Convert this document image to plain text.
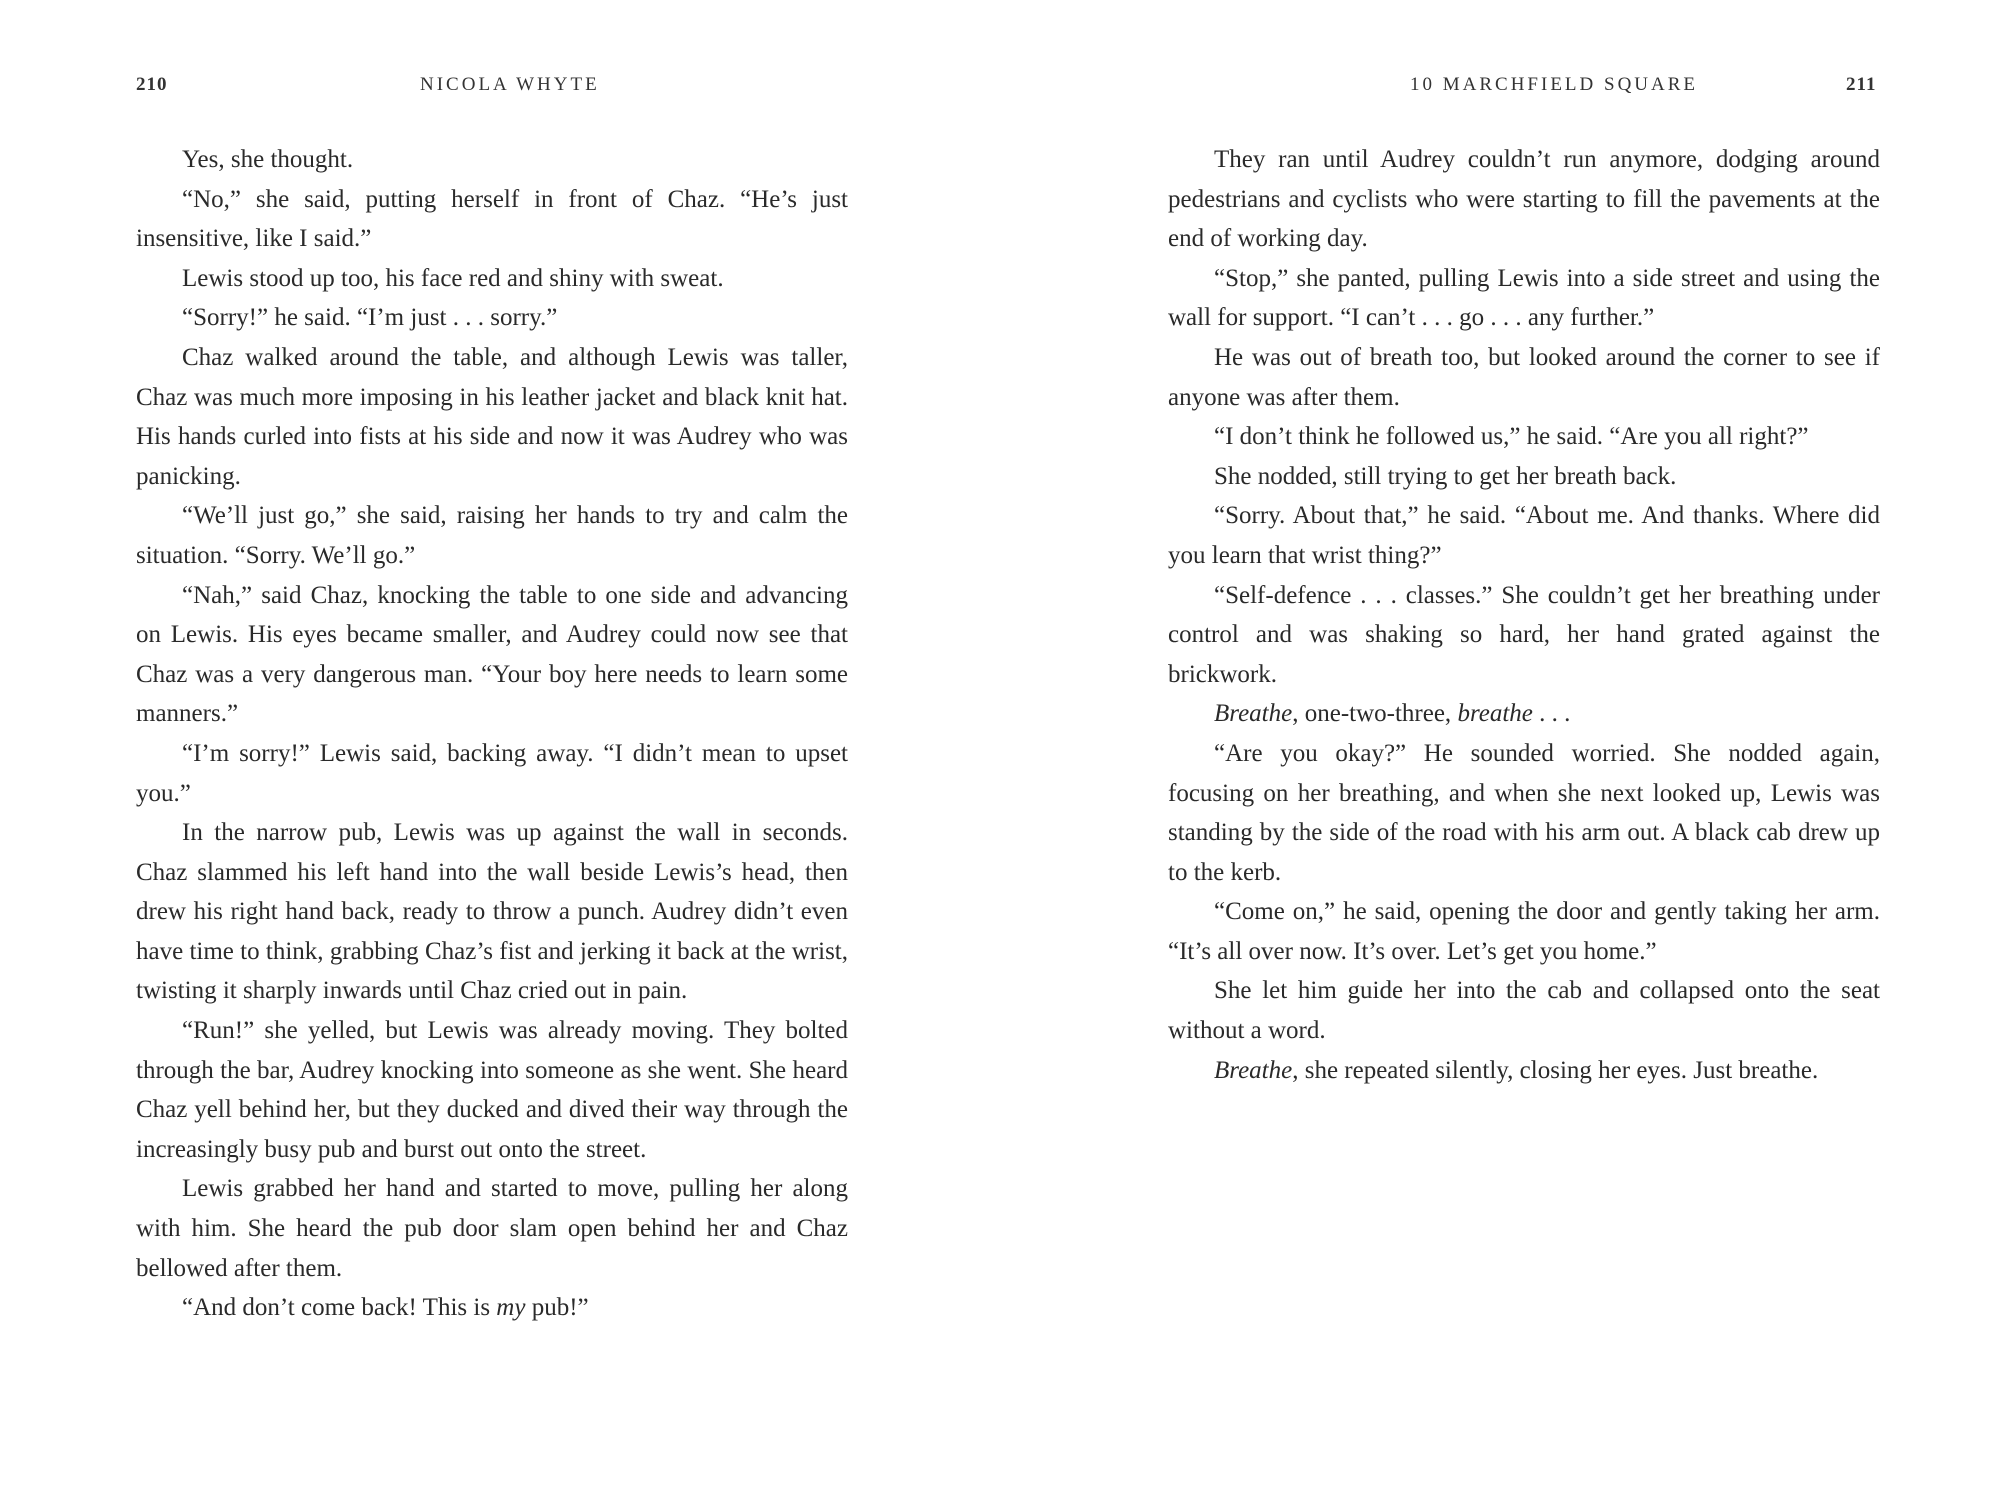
210	NICOLA WHYTE

Yes, she thought.

“No,” she said, putting herself in front of Chaz. “He’s just insensitive, like I said.”

Lewis stood up too, his face red and shiny with sweat.

“Sorry!” he said. “I’m just . . . sorry.”

Chaz walked around the table, and although Lewis was taller, Chaz was much more imposing in his leather jacket and black knit hat. His hands curled into fists at his side and now it was Audrey who was panicking.

“We’ll just go,” she said, raising her hands to try and calm the situation. “Sorry. We’ll go.”

“Nah,” said Chaz, knocking the table to one side and advancing on Lewis. His eyes became smaller, and Audrey could now see that Chaz was a very dangerous man. “Your boy here needs to learn some manners.”

“I’m sorry!” Lewis said, backing away. “I didn’t mean to upset you.”

In the narrow pub, Lewis was up against the wall in seconds. Chaz slammed his left hand into the wall beside Lewis’s head, then drew his right hand back, ready to throw a punch. Audrey didn’t even have time to think, grabbing Chaz’s fist and jerking it back at the wrist, twisting it sharply inwards until Chaz cried out in pain.

“Run!” she yelled, but Lewis was already moving. They bolted through the bar, Audrey knocking into someone as she went. She heard Chaz yell behind her, but they ducked and dived their way through the increasingly busy pub and burst out onto the street.

Lewis grabbed her hand and started to move, pulling her along with him. She heard the pub door slam open behind her and Chaz bellowed after them.

“And don’t come back! This is my pub!”

10 MARCHFIELD SQUARE	211

They ran until Audrey couldn’t run anymore, dodging around pedestrians and cyclists who were starting to fill the pavements at the end of working day.

“Stop,” she panted, pulling Lewis into a side street and using the wall for support. “I can’t . . . go . . . any further.”

He was out of breath too, but looked around the corner to see if anyone was after them.

“I don’t think he followed us,” he said. “Are you all right?”

She nodded, still trying to get her breath back.

“Sorry. About that,” he said. “About me. And thanks. Where did you learn that wrist thing?”

“Self-defence . . . classes.” She couldn’t get her breathing under control and was shaking so hard, her hand grated against the brickwork.

Breathe, one-two-three, breathe . . .

“Are you okay?” He sounded worried. She nodded again, focusing on her breathing, and when she next looked up, Lewis was standing by the side of the road with his arm out. A black cab drew up to the kerb.

“Come on,” he said, opening the door and gently taking her arm. “It’s all over now. It’s over. Let’s get you home.”

She let him guide her into the cab and collapsed onto the seat without a word.

Breathe, she repeated silently, closing her eyes. Just breathe.
